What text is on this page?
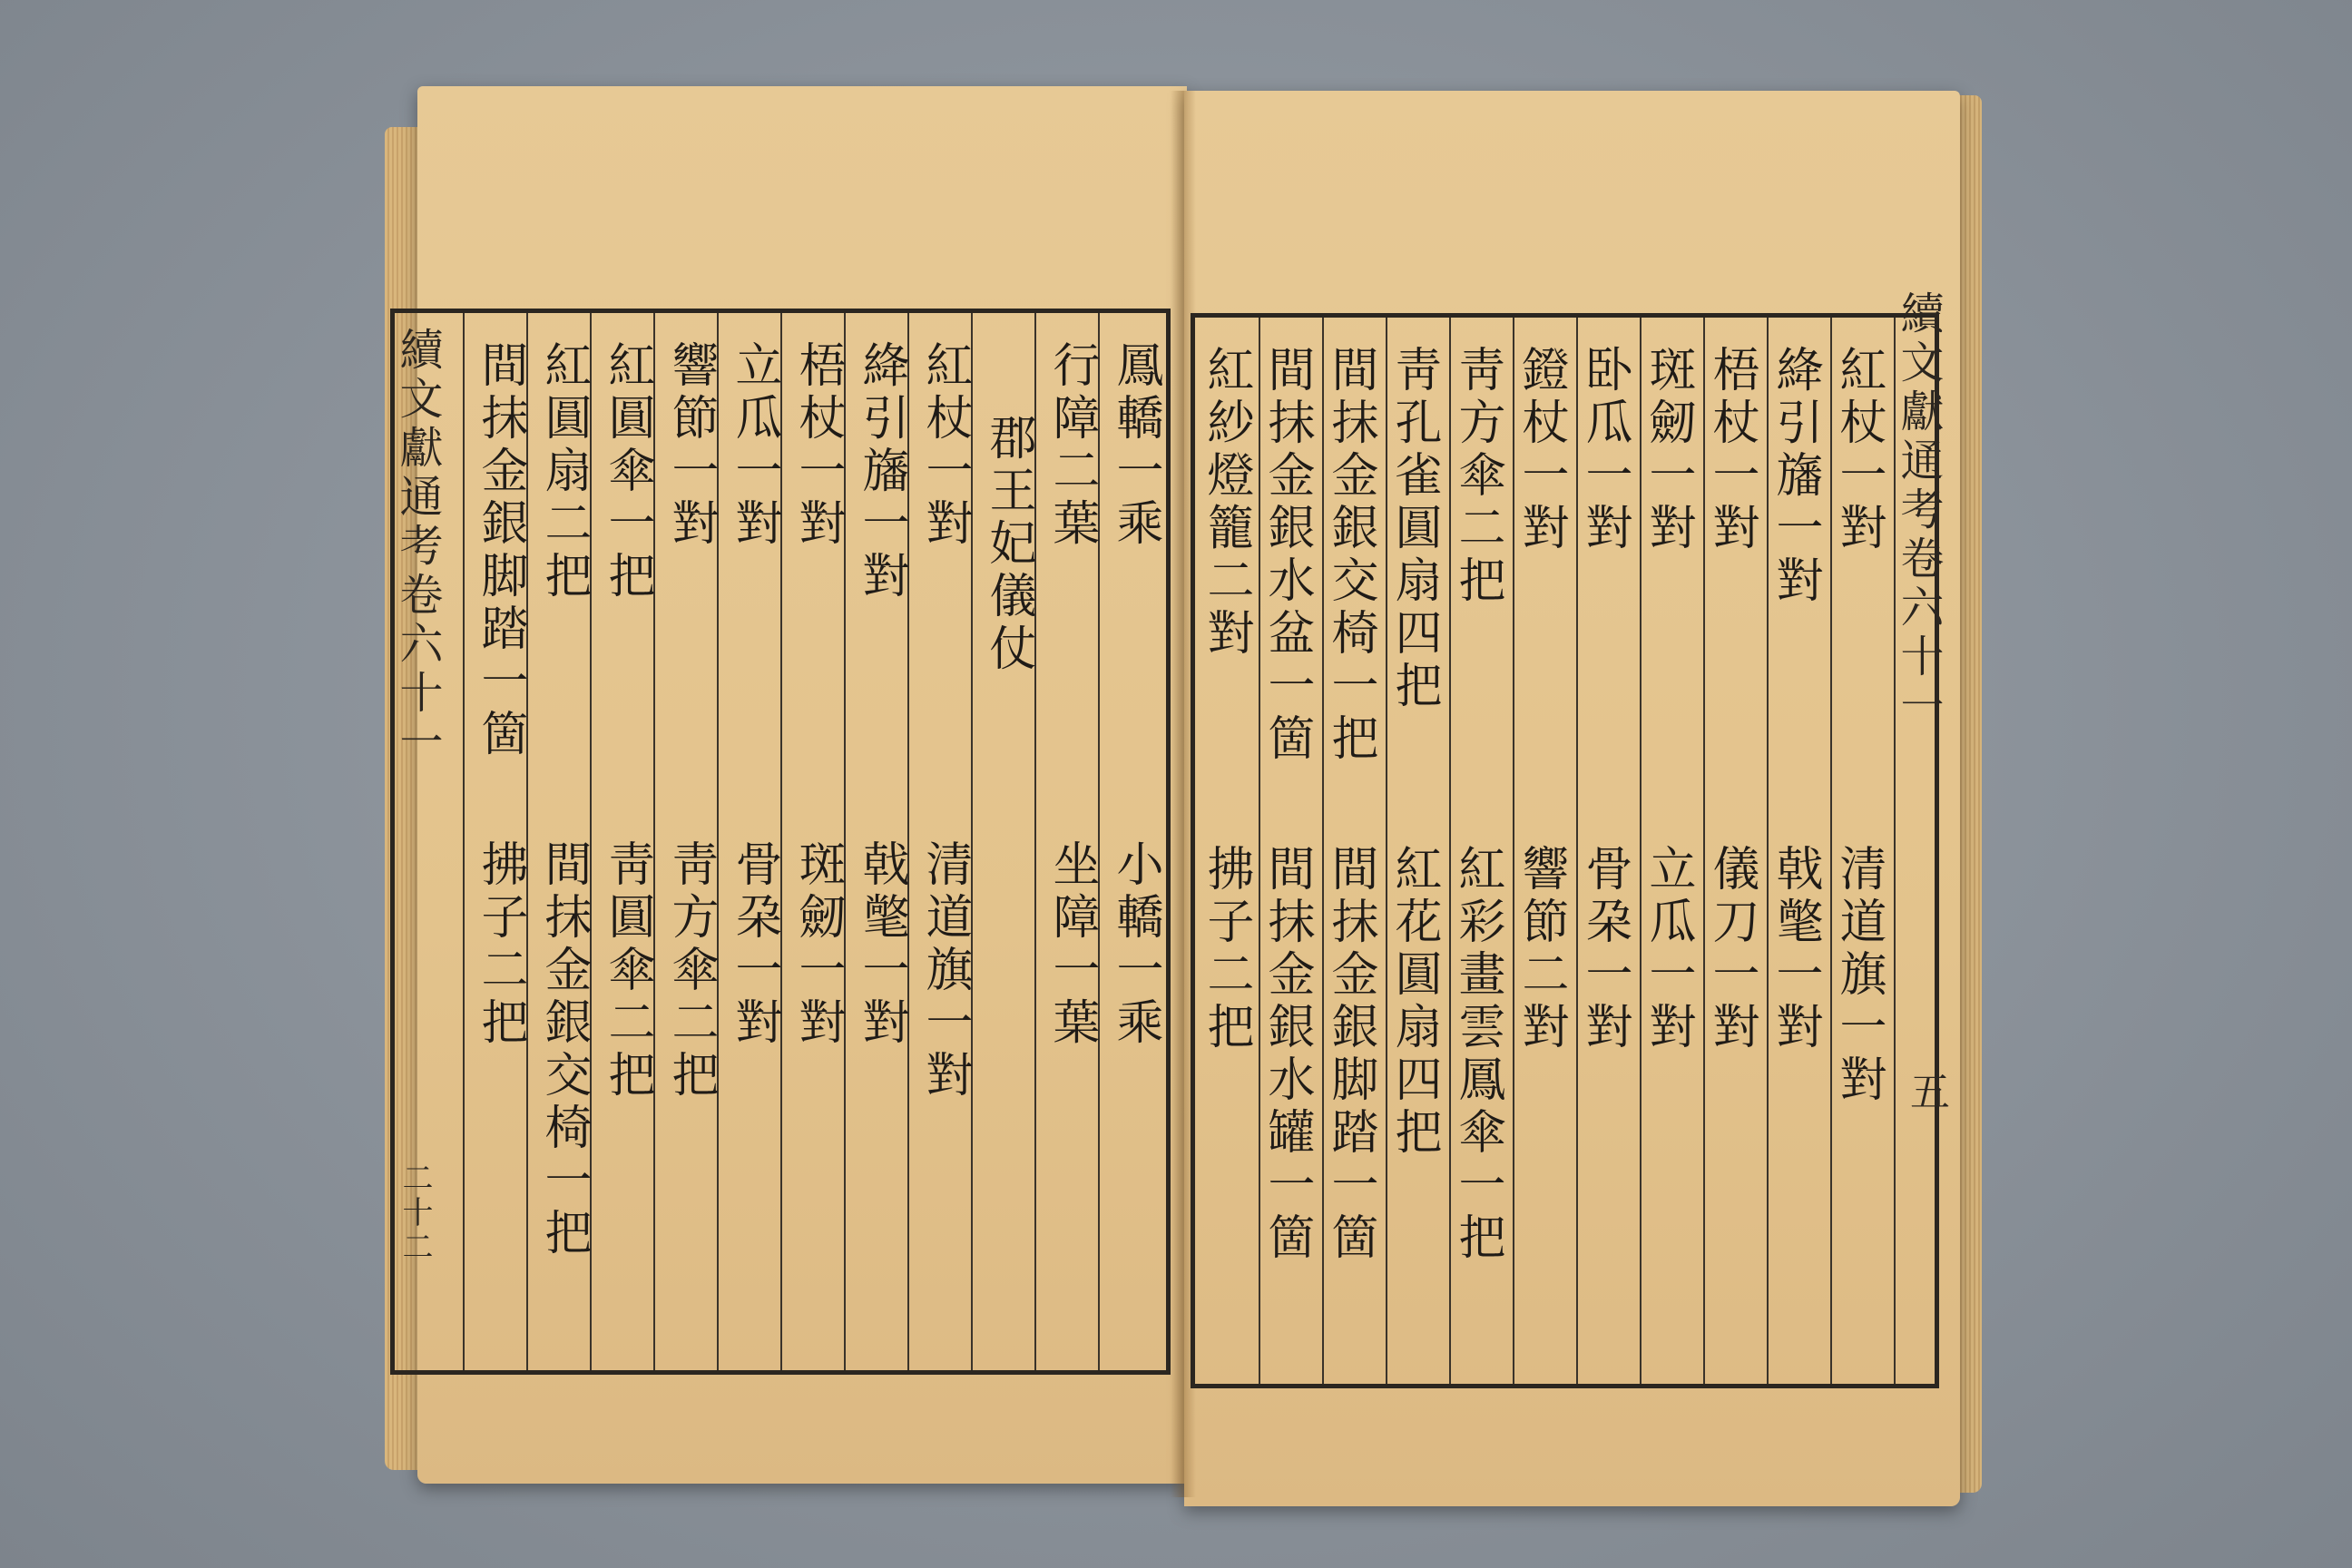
續文獻通考卷六十一
二十二
續文獻通考卷六十一
五
鳳轎一乘
小轎一乘
行障二葉
坐障一葉
郡王妃儀仗
紅杖一對
清道旗一對
絳引旛一對
戟氅一對
梧杖一對
斑劒一對
立瓜一對
骨朶一對
響節一對
靑方傘二把
紅圓傘一把
靑圓傘二把
紅圓扇二把
間抹金銀交椅一把
間抹金銀脚踏一箇
拂子二把
紅杖一對
清道旗一對
絳引旛一對
戟氅一對
梧杖一對
儀刀一對
斑劒一對
立瓜一對
卧瓜一對
骨朶一對
鐙杖一對
響節二對
靑方傘二把
紅彩畫雲鳳傘一把
靑孔雀圓扇四把
紅花圓扇四把
間抹金銀交椅一把
間抹金銀脚踏一箇
間抹金銀水盆一箇
間抹金銀水罐一箇
紅紗燈籠二對
拂子二把
